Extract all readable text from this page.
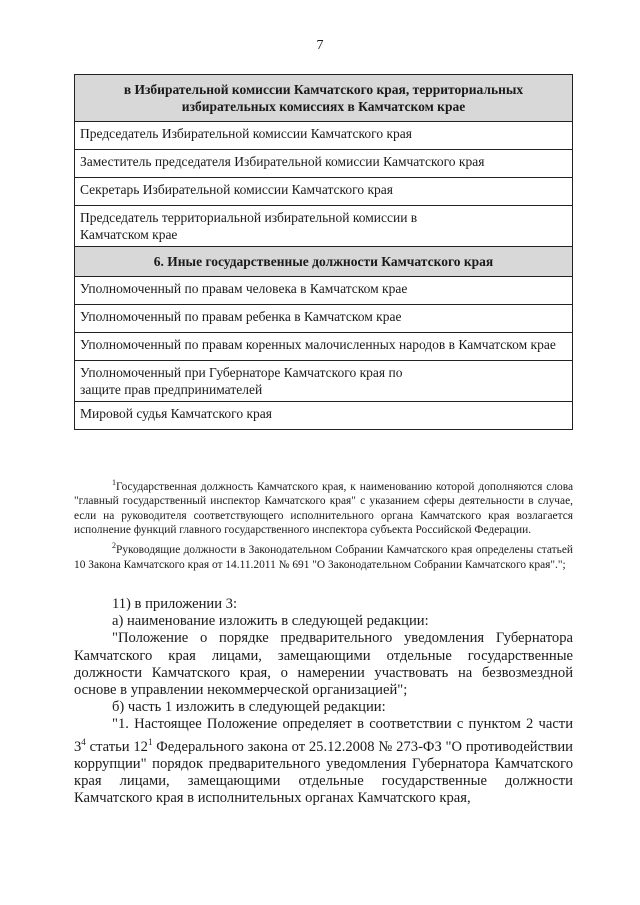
7
в Избирательной комиссии Камчатского края, территориальных избирательных комиссиях в Камчатском крае
Председатель Избирательной комиссии Камчатского края
Заместитель председателя Избирательной комиссии Камчатского края
Секретарь Избирательной комиссии Камчатского края
Председатель территориальной избирательной комиссии в Камчатском крае
6. Иные государственные должности Камчатского края
Уполномоченный по правам человека в Камчатском крае
Уполномоченный по правам ребенка в Камчатском крае
Уполномоченный по правам коренных малочисленных народов в Камчатском крае
Уполномоченный при Губернаторе Камчатского края по защите прав предпринимателей
Мировой судья Камчатского края

$^1$Государственная должность Камчатского края, к наименованию которой дополняются слова "главный государственный инспектор Камчатского края" с указанием сферы деятельности в случае, если на руководителя соответствующего исполнительного органа Камчатского края возлагается исполнение функций главного государственного инспектора субъекта Российской Федерации.

$^2$Руководящие должности в Законодательном Собрании Камчатского края определены статьей 10 Закона Камчатского края от 14.11.2011 № 691 "О Законодательном Собрании Камчатского края".";

11) в приложении 3:

а) наименование изложить в следующей редакции:

"Положение о порядке предварительного уведомления Губернатора Камчатского края лицами, замещающими отдельные государственные должности Камчатского края, о намерении участвовать на безвозмездной основе в управлении некоммерческой организацией";

б) часть 1 изложить в следующей редакции:

"1. Настоящее Положение определяет в соответствии с пунктом 2 части $3^4$ статьи $12^1$ Федерального закона от 25.12.2008 № 273-ФЗ "О противодействии коррупции" порядок предварительного уведомления Губернатора Камчатского края лицами, замещающими отдельные государственные должности Камчатского края в исполнительных органах Камчатского края,
